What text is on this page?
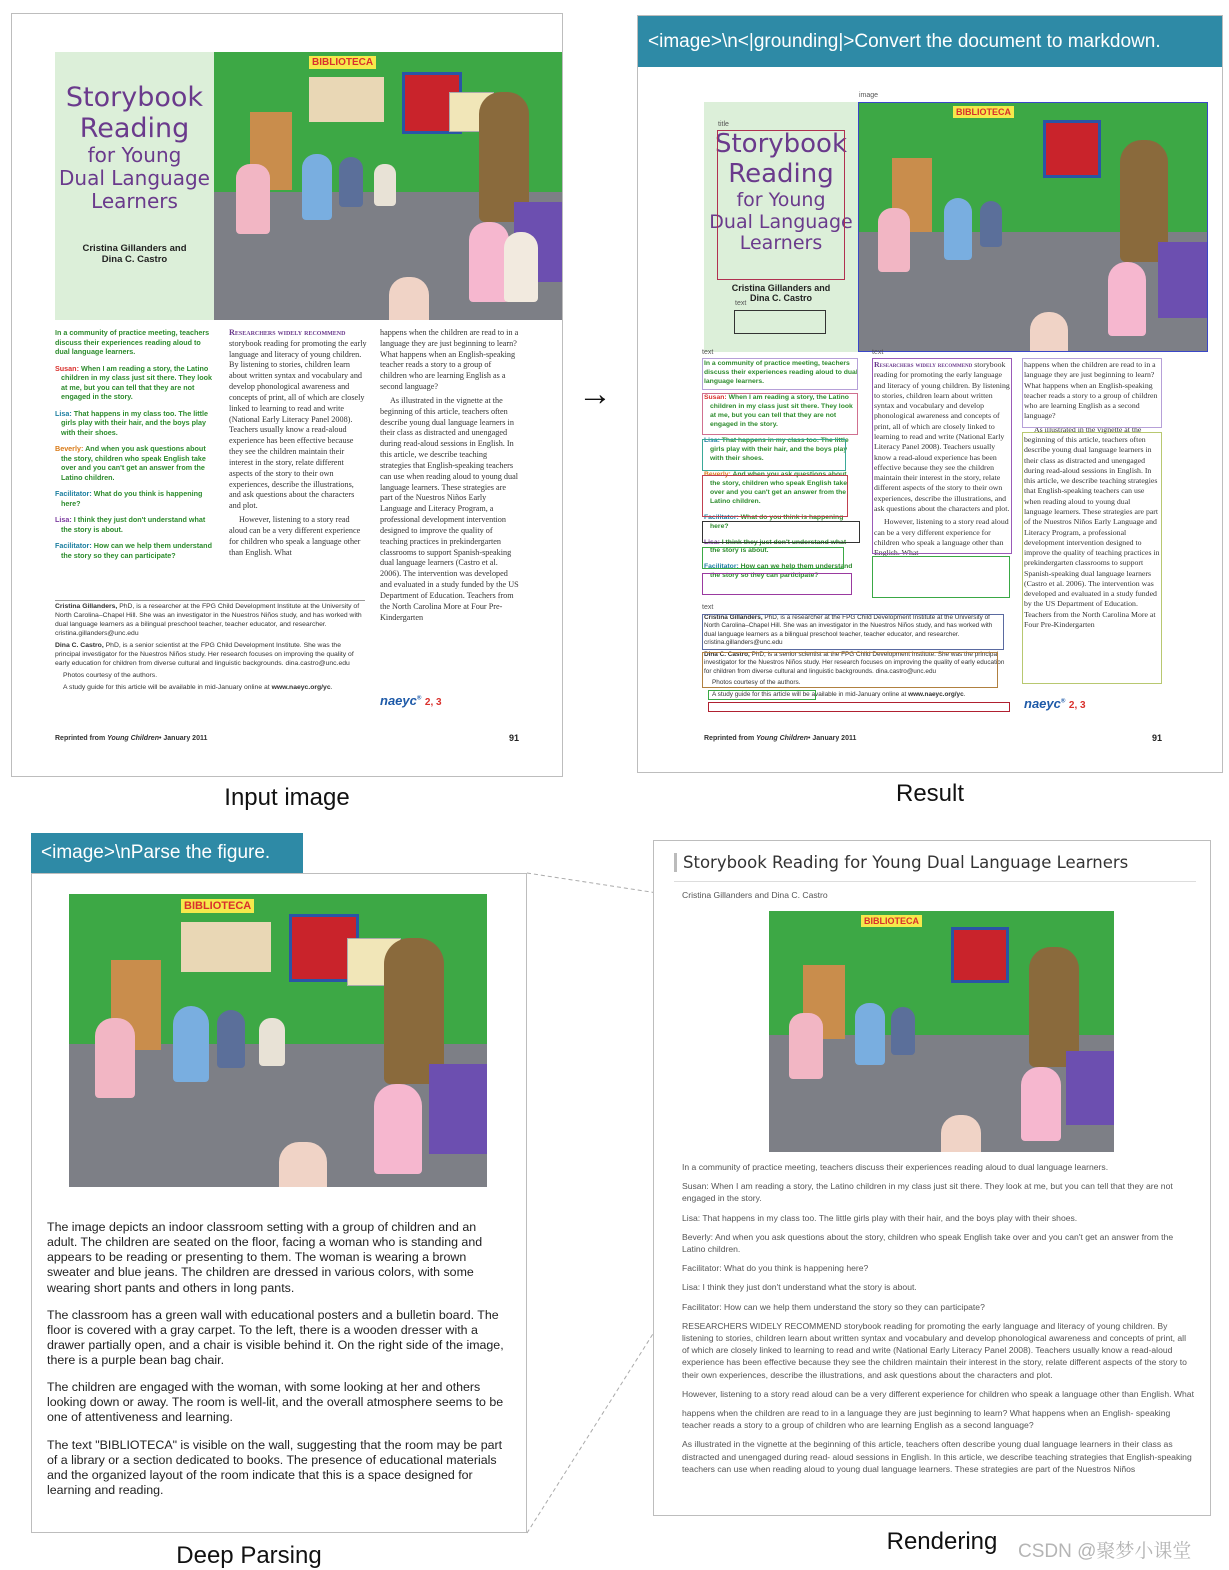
Storybook
Reading
for Young
Dual Language
Learners
Cristina Gillanders and
Dina C. Castro
BIBLIOTECA

In a community of practice meeting, teachers discuss their experiences reading aloud to dual language learners.

Susan: When I am reading a story, the Latino children in my class just sit there. They look at me, but you can tell that they are not engaged in the story.

Lisa: That happens in my class too. The little girls play with their hair, and the boys play with their shoes.

Beverly: And when you ask questions about the story, children who speak English take over and you can't get an answer from the Latino children.

Facilitator: What do you think is happening here?

Lisa: I think they just don't understand what the story is about.

Facilitator: How can we help them understand the story so they can participate?

Researchers widely recommend storybook reading for promoting the early language and literacy of young children. By listening to stories, children learn about written syntax and vocabulary and develop phonological awareness and concepts of print, all of which are closely linked to learning to read and write (National Early Literacy Panel 2008). Teachers usually know a read-aloud experience has been effective because they see the children maintain their interest in the story, relate different aspects of the story to their own experiences, describe the illustrations, and ask questions about the characters and plot.

However, listening to a story read aloud can be a very different experience for children who speak a language other than English. What

happens when the children are read to in a language they are just beginning to learn? What happens when an English-speaking teacher reads a story to a group of children who are learning English as a second language?

As illustrated in the vignette at the beginning of this article, teachers often describe young dual language learners in their class as distracted and unengaged during read-aloud sessions in English. In this article, we describe teaching strategies that English-speaking teachers can use when reading aloud to young dual language learners. These strategies are part of the Nuestros Niños Early Language and Literacy Program, a professional development intervention designed to improve the quality of teaching practices in prekindergarten classrooms to support Spanish-speaking dual language learners (Castro et al. 2006). The intervention was developed and evaluated in a study funded by the US Department of Education. Teachers from the North Carolina More at Four Pre-Kindergarten

Cristina Gillanders, PhD, is a researcher at the FPG Child Development Institute at the University of North Carolina–Chapel Hill. She was an investigator in the Nuestros Niños study, and has worked with dual language learners as a bilingual preschool teacher, teacher educator, and researcher. cristina.gillanders@unc.edu

Dina C. Castro, PhD, is a senior scientist at the FPG Child Development Institute. She was the principal investigator for the Nuestros Niños study. Her research focuses on improving the quality of early education for children from diverse cultural and linguistic backgrounds. dina.castro@unc.edu

Photos courtesy of the authors.

A study guide for this article will be available in mid-January online at www.naeyc.org/yc.

naeyc® 2, 3
Reprinted from Young Children• January 2011	91
Input image
→
<image>\n<|grounding|>Convert the document to markdown.
Storybook
Reading
for Young
Dual Language
Learners
Cristina Gillanders and
Dina C. Castro
BIBLIOTECA

In a community of practice meeting, teachers discuss their experiences reading aloud to dual language learners.

Susan: When I am reading a story, the Latino children in my class just sit there. They look at me, but you can tell that they are not engaged in the story.

Lisa: That happens in my class too. The little girls play with their hair, and the boys play with their shoes.

Beverly: And when you ask questions about the story, children who speak English take over and you can't get an answer from the Latino children.

Facilitator: What do you think is happening here?

Lisa: I think they just don't understand what the story is about.

Facilitator: How can we help them understand the story so they can participate?

Researchers widely recommend storybook reading for promoting the early language and literacy of young children. By listening to stories, children learn about written syntax and vocabulary and develop phonological awareness and concepts of print, all of which are closely linked to learning to read and write (National Early Literacy Panel 2008). Teachers usually know a read-aloud experience has been effective because they see the children maintain their interest in the story, relate different aspects of the story to their own experiences, describe the illustrations, and ask questions about the characters and plot.

However, listening to a story read aloud can be a very different experience for children who speak a language other than English. What

happens when the children are read to in a language they are just beginning to learn? What happens when an English-speaking teacher reads a story to a group of children who are learning English as a second language?

As illustrated in the vignette at the beginning of this article, teachers often describe young dual language learners in their class as distracted and unengaged during read-aloud sessions in English. In this article, we describe teaching strategies that English-speaking teachers can use when reading aloud to young dual language learners. These strategies are part of the Nuestros Niños Early Language and Literacy Program, a professional development intervention designed to improve the quality of teaching practices in prekindergarten classrooms to support Spanish-speaking dual language learners (Castro et al. 2006). The intervention was developed and evaluated in a study funded by the US Department of Education. Teachers from the North Carolina More at Four Pre-Kindergarten

Cristina Gillanders, PhD, is a researcher at the FPG Child Development Institute at the University of North Carolina–Chapel Hill. She was an investigator in the Nuestros Niños study, and has worked with dual language learners as a bilingual preschool teacher, teacher educator, and researcher. cristina.gillanders@unc.edu

Dina C. Castro, PhD, is a senior scientist at the FPG Child Development Institute. She was the principal investigator for the Nuestros Niños study. Her research focuses on improving the quality of early education for children from diverse cultural and linguistic backgrounds. dina.castro@unc.edu

Photos courtesy of the authors.

A study guide for this article will be available in mid-January online at www.naeyc.org/yc.

naeyc® 2, 3
Reprinted from Young Children• January 2011	91
image
title
text
text	text
text
Result
<image>\nParse the figure.
BIBLIOTECA

The image depicts an indoor classroom setting with a group of children and an adult. The children are seated on the floor, facing a woman who is standing and appears to be reading or presenting to them. The woman is wearing a brown sweater and blue jeans. The children are dressed in various colors, with some wearing short pants and others in long pants.

The classroom has a green wall with educational posters and a bulletin board. The floor is covered with a gray carpet. To the left, there is a wooden dresser with a drawer partially open, and a chair is visible behind it. On the right side of the image, there is a purple bean bag chair.

The children are engaged with the woman, with some looking at her and others looking down or away. The room is well-lit, and the overall atmosphere seems to be one of attentiveness and learning.

The text "BIBLIOTECA" is visible on the wall, suggesting that the room may be part of a library or a section dedicated to books. The presence of educational materials and the organized layout of the room indicate that this is a space designed for learning and reading.

Deep Parsing
Storybook Reading for Young Dual Language Learners
Cristina Gillanders and Dina C. Castro
BIBLIOTECA

In a community of practice meeting, teachers discuss their experiences reading aloud to dual language learners.

Susan: When I am reading a story, the Latino children in my class just sit there. They look at me, but you can tell that they are not engaged in the story.

Lisa: That happens in my class too. The little girls play with their hair, and the boys play with their shoes.

Beverly: And when you ask questions about the story, children who speak English take over and you can't get an answer from the Latino children.

Facilitator: What do you think is happening here?

Lisa: I think they just don't understand what the story is about.

Facilitator: How can we help them understand the story so they can participate?

RESEARCHERS WIDELY RECOMMEND storybook reading for promoting the early language and literacy of young children. By listening to stories, children learn about written syntax and vocabulary and develop phonological awareness and concepts of print, all of which are closely linked to learning to read and write (National Early Literacy Panel 2008). Teachers usually know a read-aloud experience has been effective because they see the children maintain their interest in the story, relate different aspects of the story to their own experiences, describe the illustrations, and ask questions about the characters and plot.

However, listening to a story read aloud can be a very different experience for children who speak a language other than English. What

happens when the children are read to in a language they are just beginning to learn? What happens when an English- speaking teacher reads a story to a group of children who are learning English as a second language?

As illustrated in the vignette at the beginning of this article, teachers often describe young dual language learners in their class as distracted and unengaged during read- aloud sessions in English. In this article, we describe teaching strategies that English-speaking teachers can use when reading aloud to young dual language learners. These strategies are part of the Nuestros Niños

Rendering	CSDN @聚梦小课堂
